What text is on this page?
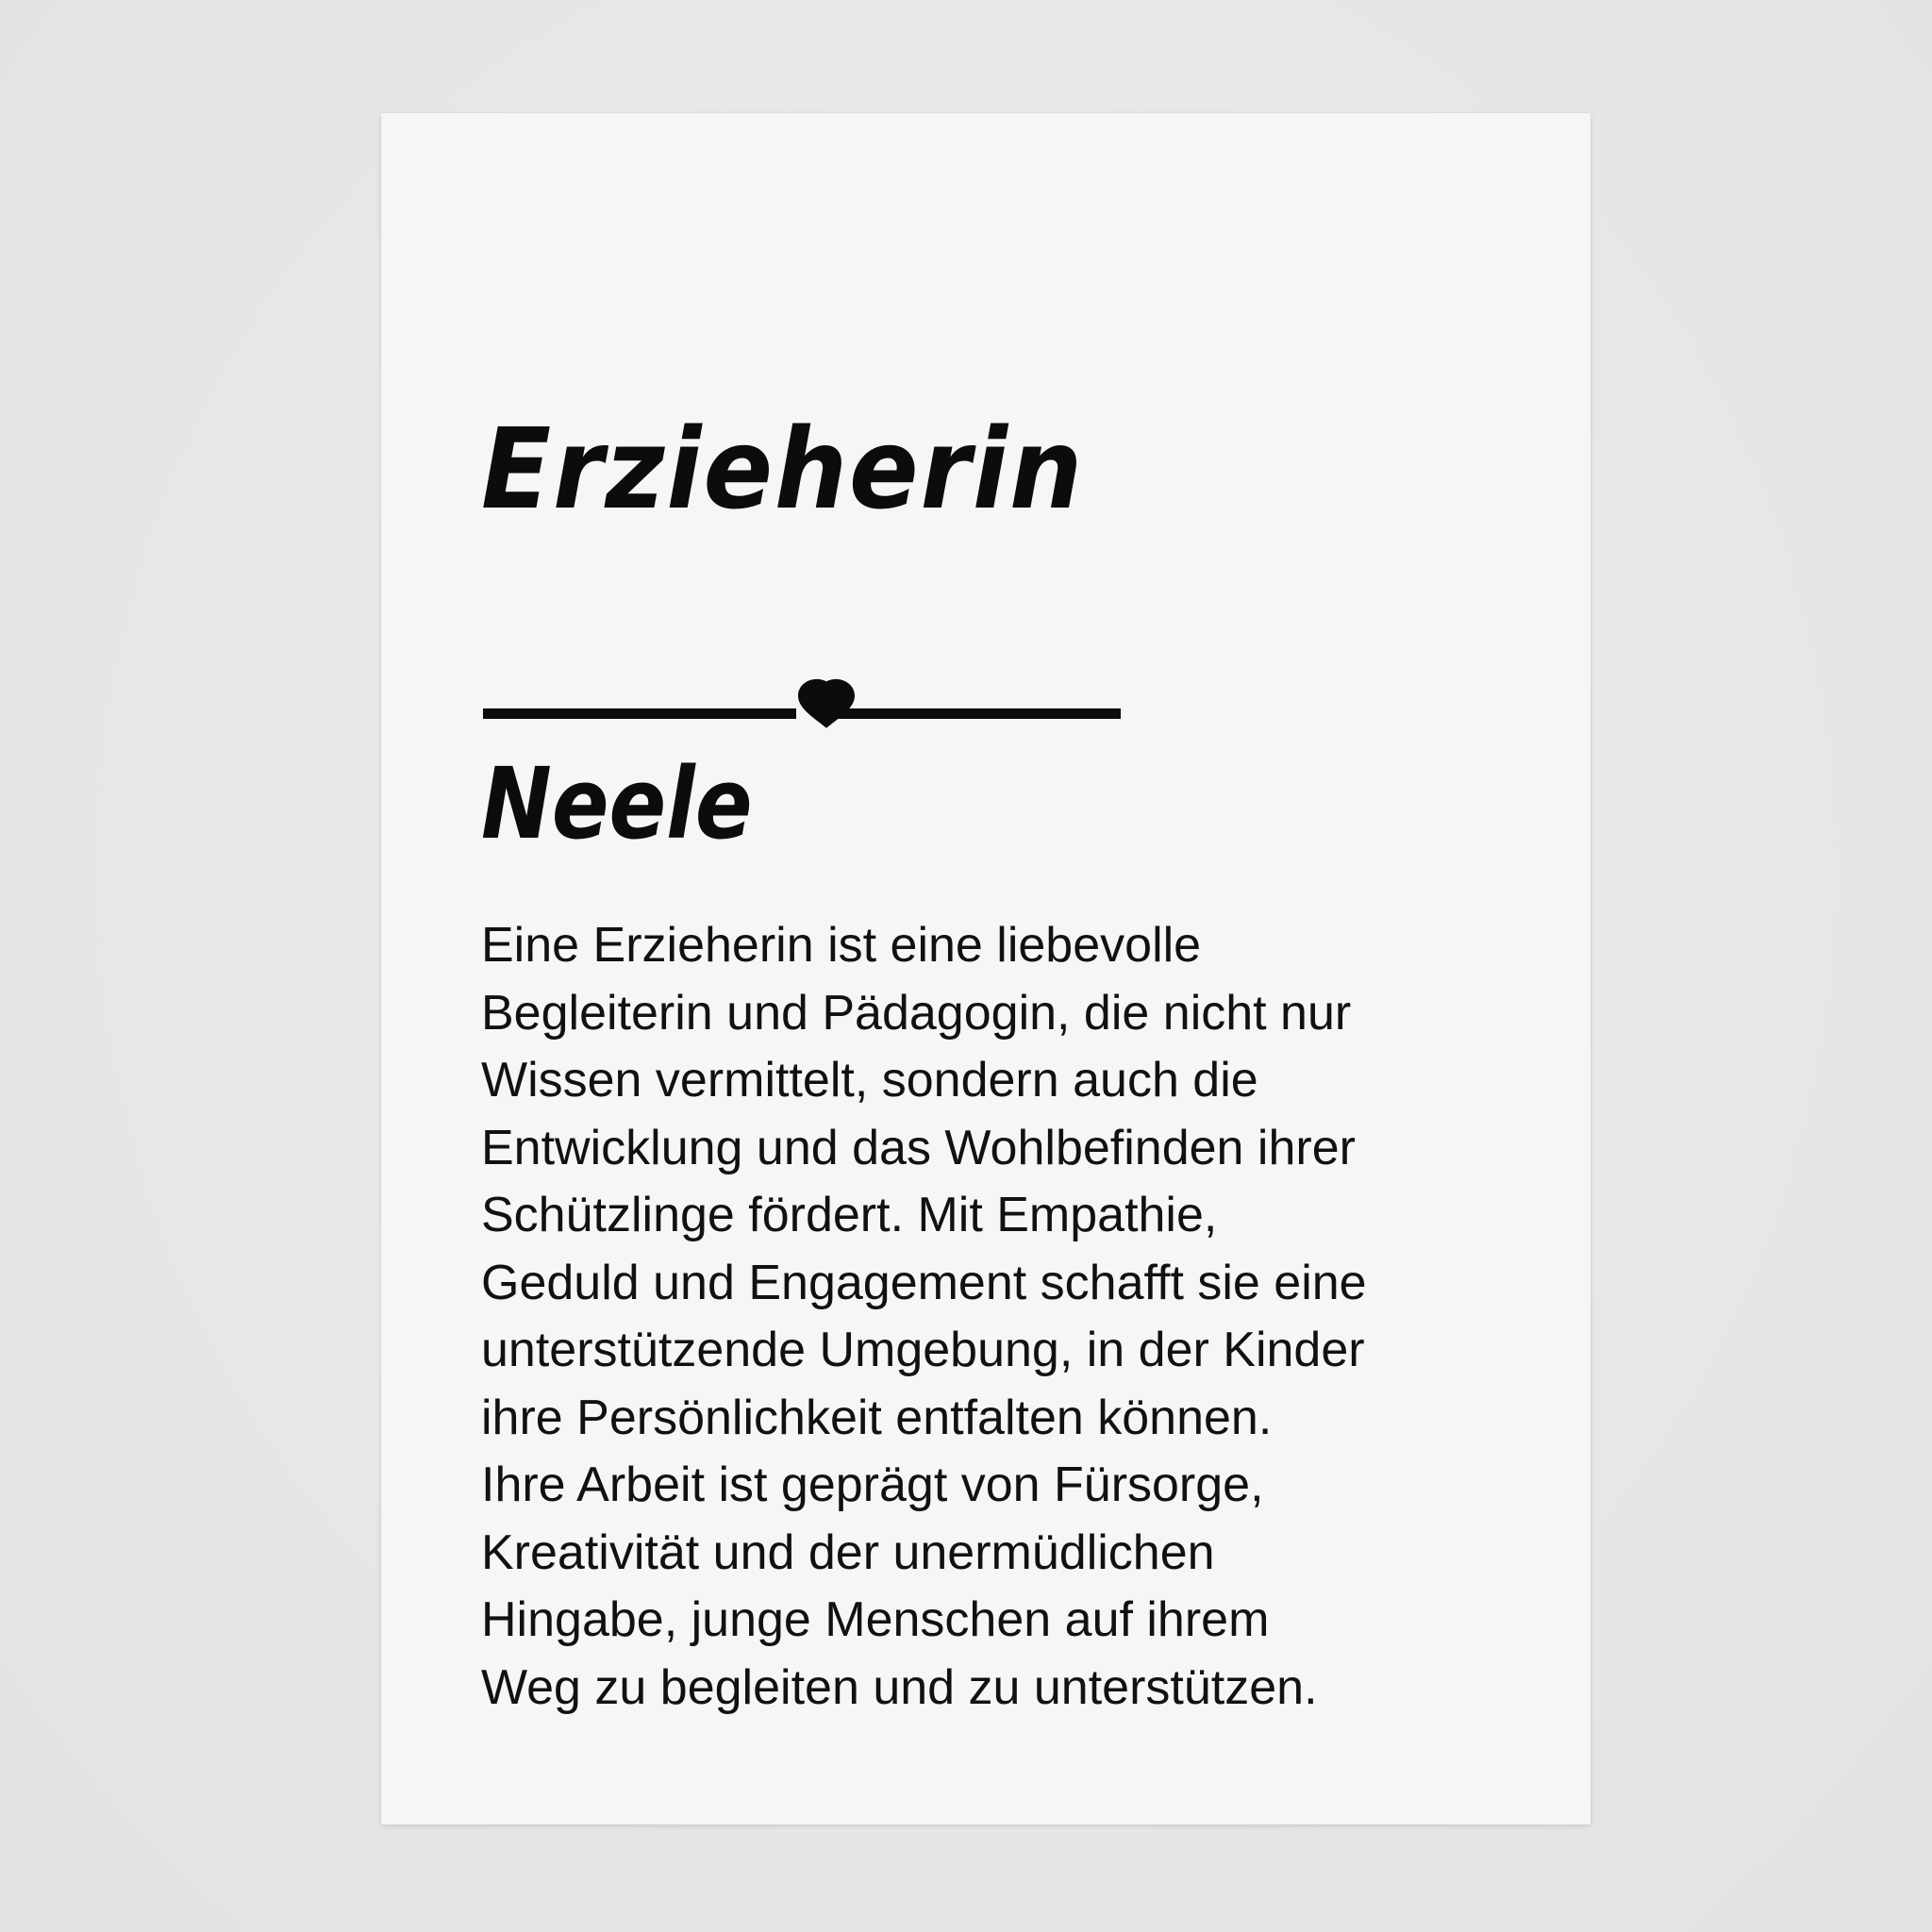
Erzieherin
Neele
Eine Erzieherin ist eine liebevolle
Begleiterin und Pädagogin, die nicht nur
Wissen vermittelt, sondern auch die
Entwicklung und das Wohlbefinden ihrer
Schützlinge fördert. Mit Empathie,
Geduld und Engagement schafft sie eine
unterstützende Umgebung, in der Kinder
ihre Persönlichkeit entfalten können.
Ihre Arbeit ist geprägt von Fürsorge,
Kreativität und der unermüdlichen
Hingabe, junge Menschen auf ihrem
Weg zu begleiten und zu unterstützen.
